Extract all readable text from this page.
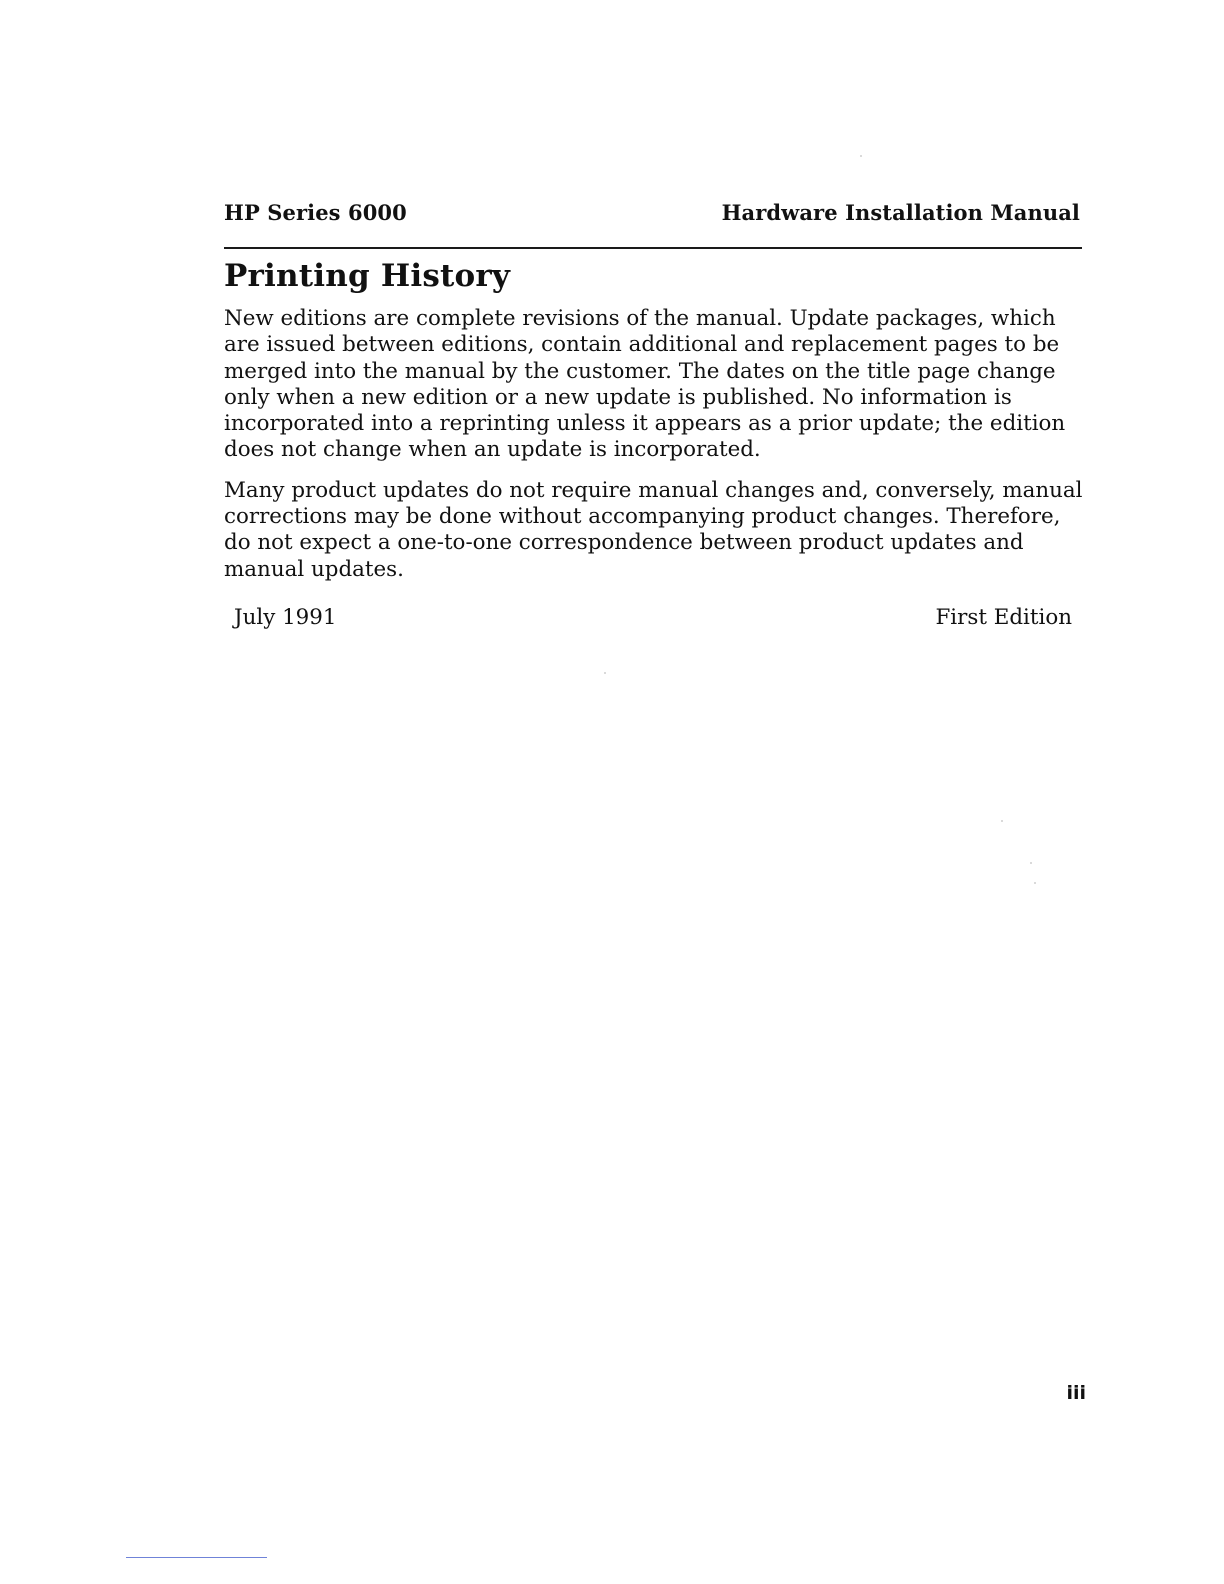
HP Series 6000	Hardware Installation Manual
Printing History

New editions are complete revisions of the manual. Update packages, which are issued between editions, contain additional and replacement pages to be merged into the manual by the customer. The dates on the title page change only when a new edition or a new update is published. No information is incorporated into a reprinting unless it appears as a prior update; the edition does not change when an update is incorporated.

Many product updates do not require manual changes and, conversely, manual corrections may be done without accompanying product changes. Therefore, do not expect a one-to-one correspondence between product updates and manual updates.

July 1991	First Edition
iii
